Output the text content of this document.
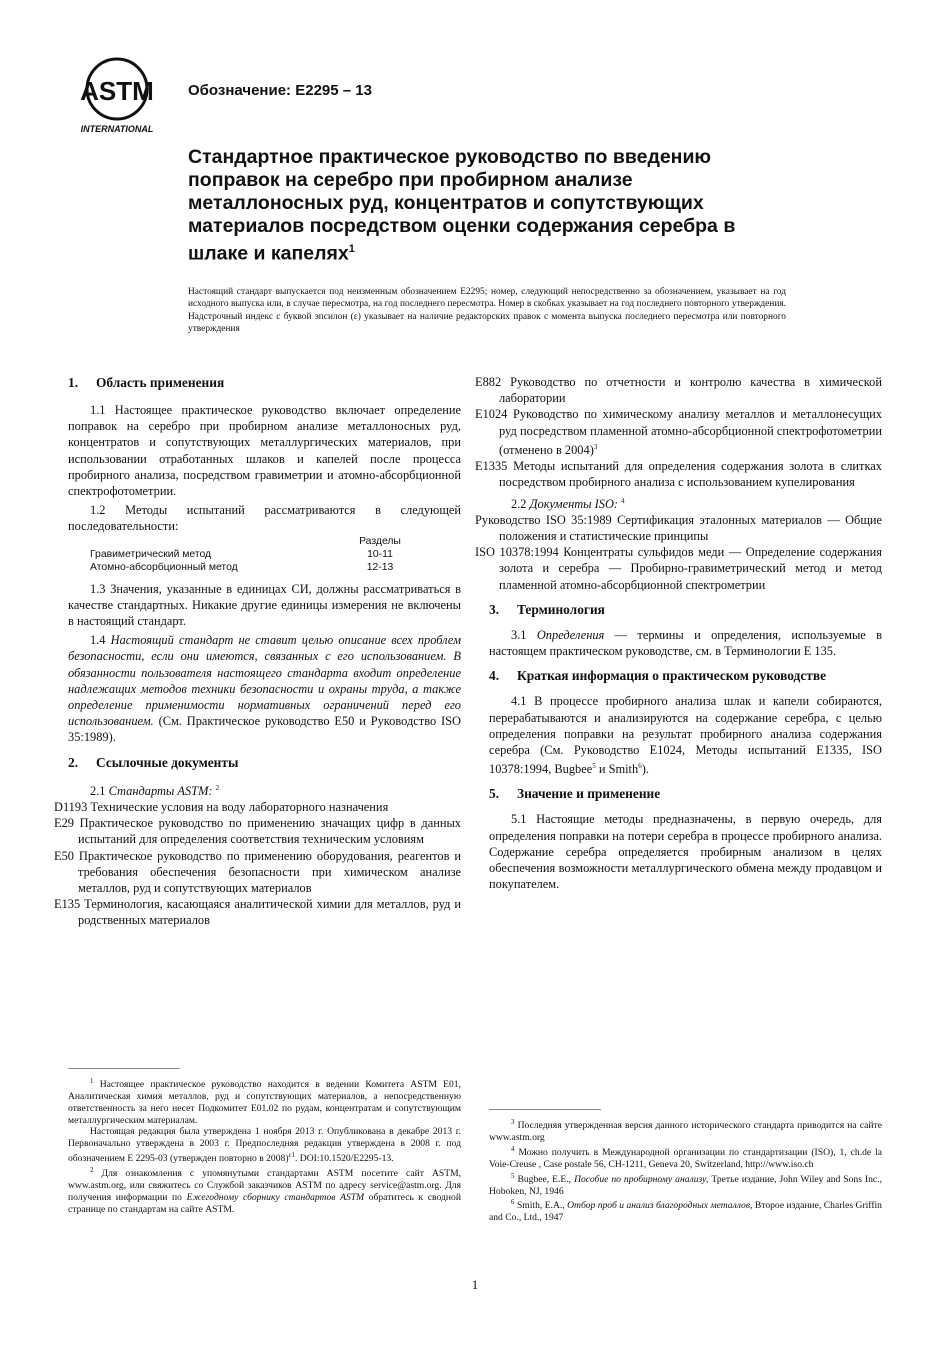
ASTM
INTERNATIONAL
Обозначение: E2295 – 13
Стандартное практическое руководство по введению поправок на серебро при пробирном анализе металлоносных руд, концентратов и сопутствующих материалов посредством оценки содержания серебра в шлаке и капелях$^1$
Настоящий стандарт выпускается под неизменным обозначением E2295; номер, следующий непосредственно за обозначением, указывает на год исходного выпуска или, в случае пересмотра, на год последнего пересмотра. Номер в скобках указывает на год последнего повторного утверждения. Надстрочный индекс с буквой эпсилон (ε) указывает на наличие редакторских правок с момента выпуска последнего пересмотра или повторного утверждения
1. Область применения

1.1 Настоящее практическое руководство включает определение поправок на серебро при пробирном анализе металлоносных руд, концентратов и сопутствующих металлургических материалов, при использовании отработанных шлаков и капелей после процесса пробирного анализа, посредством гравиметрии и атомно-абсорбционной спектрофотометрии.

1.2 Методы испытаний рассматриваются в следующей последовательности:

	Разделы
Гравиметрический метод	10-11
Атомно-абсорбционный метод	12-13

1.3 Значения, указанные в единицах СИ, должны рассматриваться в качестве стандартных. Никакие другие единицы измерения не включены в настоящий стандарт.

1.4 Настоящий стандарт не ставит целью описание всех проблем безопасности, если они имеются, связанных с его использованием. В обязанности пользователя настоящего стандарта входит определение надлежащих методов техники безопасности и охраны труда, а также определение применимости нормативных ограничений перед его использованием. (См. Практическое руководство E50 и Руководство ISO 35:1989).

2. Ссылочные документы

2.1 Стандарты ASTM: $^2$

D1193 Технические условия на воду лабораторного назначения

E29 Практическое руководство по применению значащих цифр в данных испытаний для определения соответствия техническим условиям

E50 Практическое руководство по применению оборудования, реагентов и требования обеспечения безопасности при химическом анализе металлов, руд и сопутствующих материалов

E135 Терминология, касающаяся аналитической химии для металлов, руд и родственных материалов

E882 Руководство по отчетности и контролю качества в химической лаборатории

E1024 Руководство по химическому анализу металлов и металлонесущих руд посредством пламенной атомно-абсорбционной спектрофотометрии (отменено в 2004)$^3$

E1335 Методы испытаний для определения содержания золота в слитках посредством пробирного анализа с использованием купелирования

2.2 Документы ISO: $^4$

Руководство ISO 35:1989 Сертификация эталонных материалов — Общие положения и статистические принципы

ISO 10378:1994 Концентраты сульфидов меди — Определение содержания золота и серебра — Пробирно-гравиметрический метод и метод пламенной атомно-абсорбционной спектрометрии

3. Терминология

3.1 Определения — термины и определения, используемые в настоящем практическом руководстве, см. в Терминологии E 135.

4. Краткая информация о практическом руководстве

4.1 В процессе пробирного анализа шлак и капели собираются, перерабатываются и анализируются на содержание серебра, с целью определения поправки на результат пробирного анализа содержания серебра (См. Руководство E1024, Методы испытаний E1335, ISO 10378:1994, Bugbee$^5$ и Smith$^6$).

5. Значение и применение

5.1 Настоящие методы предназначены, в первую очередь, для определения поправки на потери серебра в процессе пробирного анализа. Содержание серебра определяется пробирным анализом в целях обеспечения возможности металлургического обмена между продавцом и покупателем.

$^1$ Настоящее практическое руководство находится в ведении Комитета ASTM E01, Аналитическая химия металлов, руд и сопутствующих материалов, а непосредственную ответственность за него несет Подкомитет E01.02 по рудам, концентратам и сопутствующим металлургическим материалам.

Настоящая редакция была утверждена 1 ноября 2013 г. Опубликована в декабре 2013 г. Первоначально утверждена в 2003 г. Предпоследняя редакция утверждена в 2008 г. под обозначением E 2295-03 (утвержден повторно в 2008)$^{\varepsilon 1}$. DOI:10.1520/E2295-13.

$^2$ Для ознакомления с упомянутыми стандартами ASTM посетите сайт ASTM, www.astm.org, или свяжитесь со Службой заказчиков ASTM по адресу service@astm.org. Для получения информации по Ежегодному сборнику стандартов ASTM обратитесь к сводной странице по стандартам на сайте ASTM.

$^3$ Последняя утвержденная версия данного исторического стандарта приводится на сайте www.astm.org

$^4$ Можно получить в Международной организации по стандартизации (ISO), 1, ch.de la Voie-Creuse , Case postale 56, CH-1211, Geneva 20, Switzerland, http://www.iso.ch

$^5$ Bugbee, E.E., Пособие по пробирному анализу, Третье издание, John Wiley and Sons Inc., Hoboken, NJ, 1946

$^6$ Smith, E.A., Отбор проб и анализ благородных металлов, Второе издание, Charles Griffin and Co., Ltd., 1947

1
